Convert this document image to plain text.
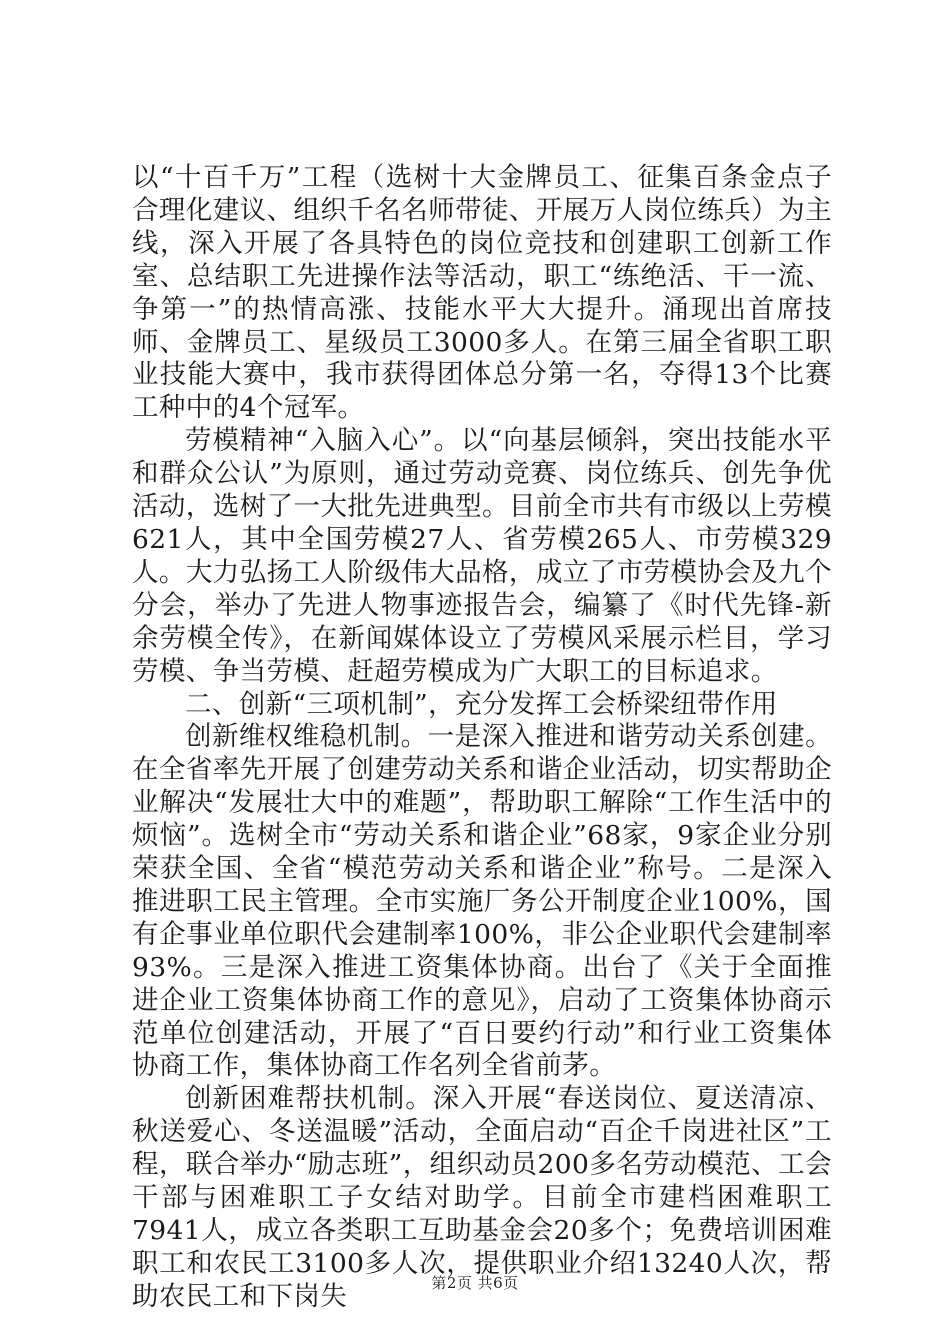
以“十百千万”工程（选树十大金牌员工、征集百条金点子合理化建议、组织千名名师带徒、开展万人岗位练兵）为主线，深入开展了各具特色的岗位竞技和创建职工创新工作室、总结职工先进操作法等活动，职工“练绝活、干一流、争第一”的热情高涨、技能水平大大提升。涌现出首席技师、金牌员工、星级员工3000多人。在第三届全省职工职业技能大赛中，我市获得团体总分第一名，夺得13个比赛工种中的4个冠军。

劳模精神“入脑入心”。以“向基层倾斜，突出技能水平和群众公认”为原则，通过劳动竞赛、岗位练兵、创先争优活动，选树了一大批先进典型。目前全市共有市级以上劳模621人，其中全国劳模27人、省劳模265人、市劳模329人。大力弘扬工人阶级伟大品格，成立了市劳模协会及九个分会，举办了先进人物事迹报告会，编纂了《时代先锋-新余劳模全传》，在新闻媒体设立了劳模风采展示栏目，学习劳模、争当劳模、赶超劳模成为广大职工的目标追求。

二、创新“三项机制”，充分发挥工会桥梁纽带作用

创新维权维稳机制。一是深入推进和谐劳动关系创建。在全省率先开展了创建劳动关系和谐企业活动，切实帮助企业解决“发展壮大中的难题”，帮助职工解除“工作生活中的烦恼”。选树全市“劳动关系和谐企业”68家，9家企业分别荣获全国、全省“模范劳动关系和谐企业”称号。二是深入推进职工民主管理。全市实施厂务公开制度企业100%，国有企事业单位职代会建制率100%，非公企业职代会建制率93%。三是深入推进工资集体协商。出台了《关于全面推进企业工资集体协商工作的意见》，启动了工资集体协商示范单位创建活动，开展了“百日要约行动”和行业工资集体协商工作，集体协商工作名列全省前茅。

创新困难帮扶机制。深入开展“春送岗位、夏送清凉、秋送爱心、冬送温暖”活动，全面启动“百企千岗进社区”工程，联合举办“励志班”，组织动员200多名劳动模范、工会干部与困难职工子女结对助学。目前全市建档困难职工7941人，成立各类职工互助基金会20多个；免费培训困难职工和农民工3100多人次，提供职业介绍13240人次，帮助农民工和下岗失	第2页 共6页
